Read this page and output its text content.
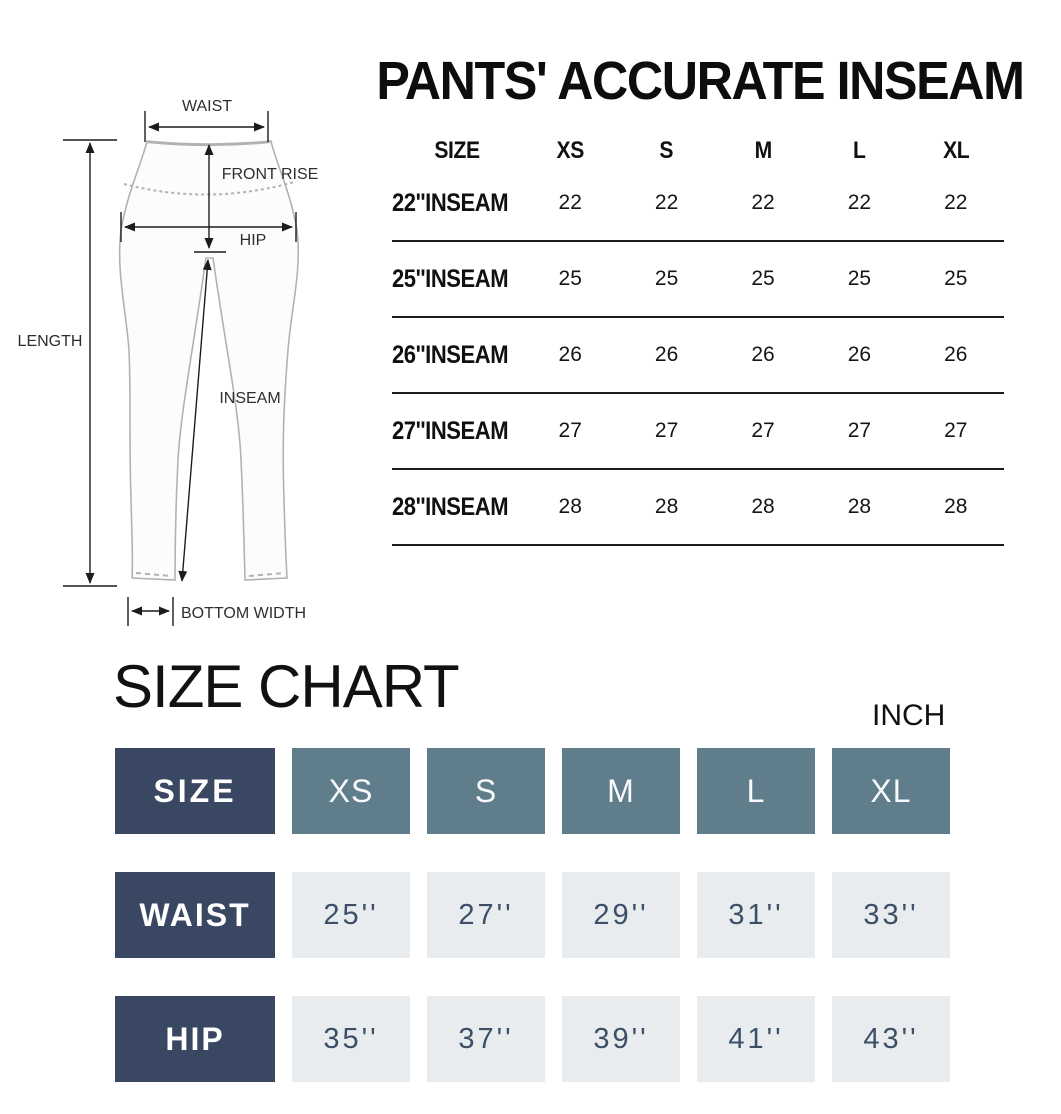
PANTS' ACCURATE INSEAM
SIZE	XS	S	M	L	XL
22''INSEAM	22	22	22	22	22
25''INSEAM	25	25	25	25	25
26''INSEAM	26	26	26	26	26
27''INSEAM	27	27	27	27	27
28''INSEAM	28	28	28	28	28
WAIST
FRONT RISE
HIP
LENGTH
INSEAM
BOTTOM WIDTH
SIZE CHART	INCH
SIZE	XS	S	M	L	XL
WAIST	25''	27''	29''	31''	33''
HIP	35''	37''	39''	41''	43''
